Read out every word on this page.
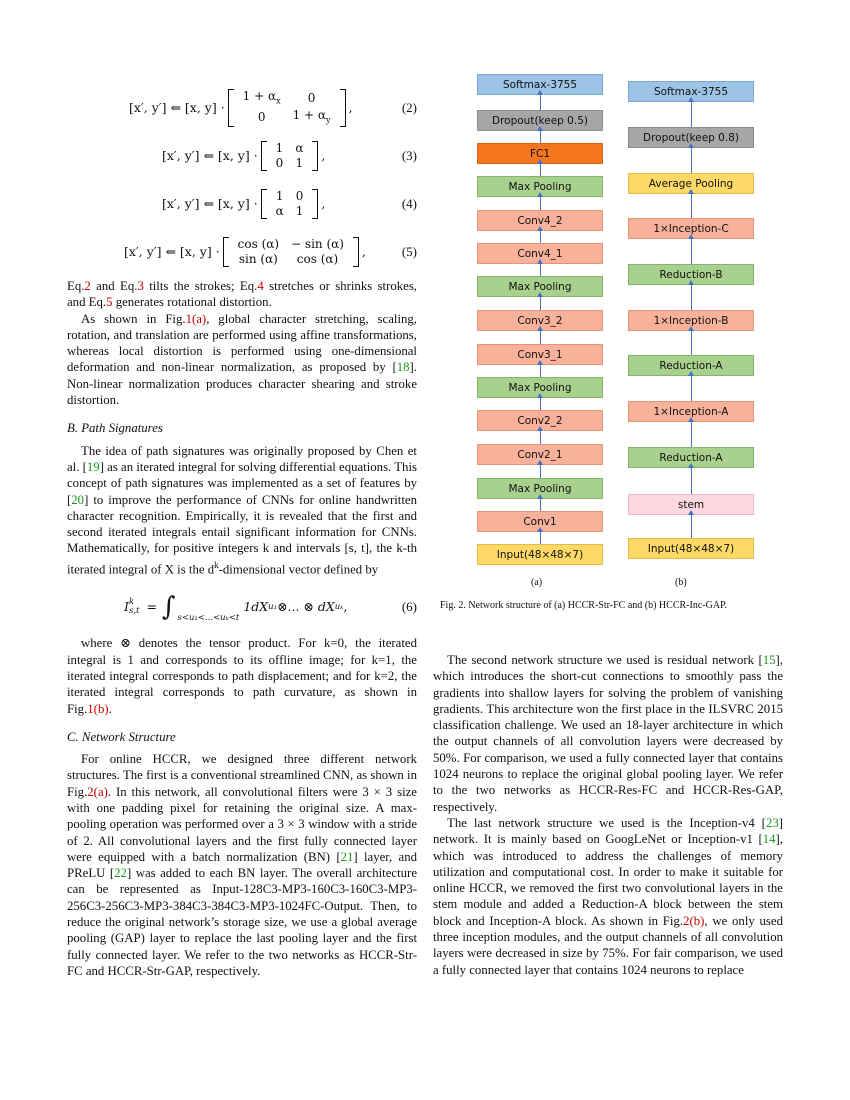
[x′, y′] ⇐ [x, y] ·
$1 + \alpha_x$	0
0	$1 + \alpha_y$
,	(2)
[x′, y′] ⇐ [x, y] · 1	α
0	1
,	(3)
[x′, y′] ⇐ [x, y] · 1	0
α	1
,	(4)
[x′, y′] ⇐ [x, y] · cos (α)	− sin (α)
sin (α)	cos (α)
,	(5)

Eq.2 and Eq.3 tilts the strokes; Eq.4 stretches or shrinks strokes, and Eq.5 generates rotational distortion.

As shown in Fig.1(a), global character stretching, scaling, rotation, and translation are performed using affine transformations, whereas local distortion is performed using one-dimensional deformation and non-linear normalization, as proposed by [18]. Non-linear normalization produces character shearing and stroke distortion.

B. Path Signatures

The idea of path signatures was originally proposed by Chen et al. [19] as an iterated integral for solving differential equations. This concept of path signatures was implemented as a set of features by [20] to improve the performance of CNNs for online handwritten character recognition. Empirically, it is revealed that the first and second iterated integrals entail significant information for CNNs. Mathematically, for positive integers k and intervals [s, t], the k-th iterated integral of X is the $d^k$-dimensional vector defined by

I k
s,t = ∫ s<u₁<...<uₖ<t
1dX u₁ ⊗... ⊗ dX uₖ ,	(6)

where ⊗ denotes the tensor product. For k=0, the iterated integral is 1 and corresponds to its offline image; for k=1, the iterated integral corresponds to path displacement; and for k=2, the iterated integral corresponds to path curvature, as shown in Fig.1(b).

C. Network Structure

For online HCCR, we designed three different network structures. The first is a conventional streamlined CNN, as shown in Fig.2(a). In this network, all convolutional filters were 3 × 3 size with one padding pixel for retaining the original size. A max-pooling operation was performed over a 3 × 3 window with a stride of 2. All convolutional layers and the first fully connected layer were equipped with a batch normalization (BN) [21] layer, and PReLU [22] was added to each BN layer. The overall architecture can be represented as Input-128C3-MP3-160C3-160C3-MP3-256C3-256C3-MP3-384C3-384C3-MP3-1024FC-Output. Then, to reduce the original network’s storage size, we use a global average pooling (GAP) layer to replace the last pooling layer and the first fully connected layer. We refer to the two networks as HCCR-Str-FC and HCCR-Str-GAP, respectively.

Softmax-3755
Dropout(keep 0.5)
FC1
Max Pooling
Conv4_2
Conv4_1
Max Pooling
Conv3_2
Conv3_1
Max Pooling
Conv2_2
Conv2_1
Max Pooling
Conv1
Input(48×48×7)
Softmax-3755
Dropout(keep 0.8)
Average Pooling
1×Inception-C
Reduction-B
1×Inception-B
Reduction-A
1×Inception-A
Reduction-A
stem
Input(48×48×7)
(a)	(b)
Fig. 2. Network structure of (a) HCCR-Str-FC and (b) HCCR-Inc-GAP.

The second network structure we used is residual network [15], which introduces the short-cut connections to smoothly pass the gradients into shallow layers for solving the problem of vanishing gradients. This architecture won the first place in the ILSVRC 2015 classification challenge. We used an 18-layer architecture in which the output channels of all convolution layers were decreased by 50%. For comparison, we used a fully connected layer that contains 1024 neurons to replace the original global pooling layer. We refer to the two networks as HCCR-Res-FC and HCCR-Res-GAP, respectively.

The last network structure we used is the Inception-v4 [23] network. It is mainly based on GoogLeNet or Inception-v1 [14], which was introduced to address the challenges of memory utilization and computational cost. In order to make it suitable for online HCCR, we removed the first two convolutional layers in the stem module and added a Reduction-A block between the stem block and Inception-A block. As shown in Fig.2(b), we only used three inception modules, and the output channels of all convolution layers were decreased in size by 75%. For fair comparison, we used a fully connected layer that contains 1024 neurons to replace
